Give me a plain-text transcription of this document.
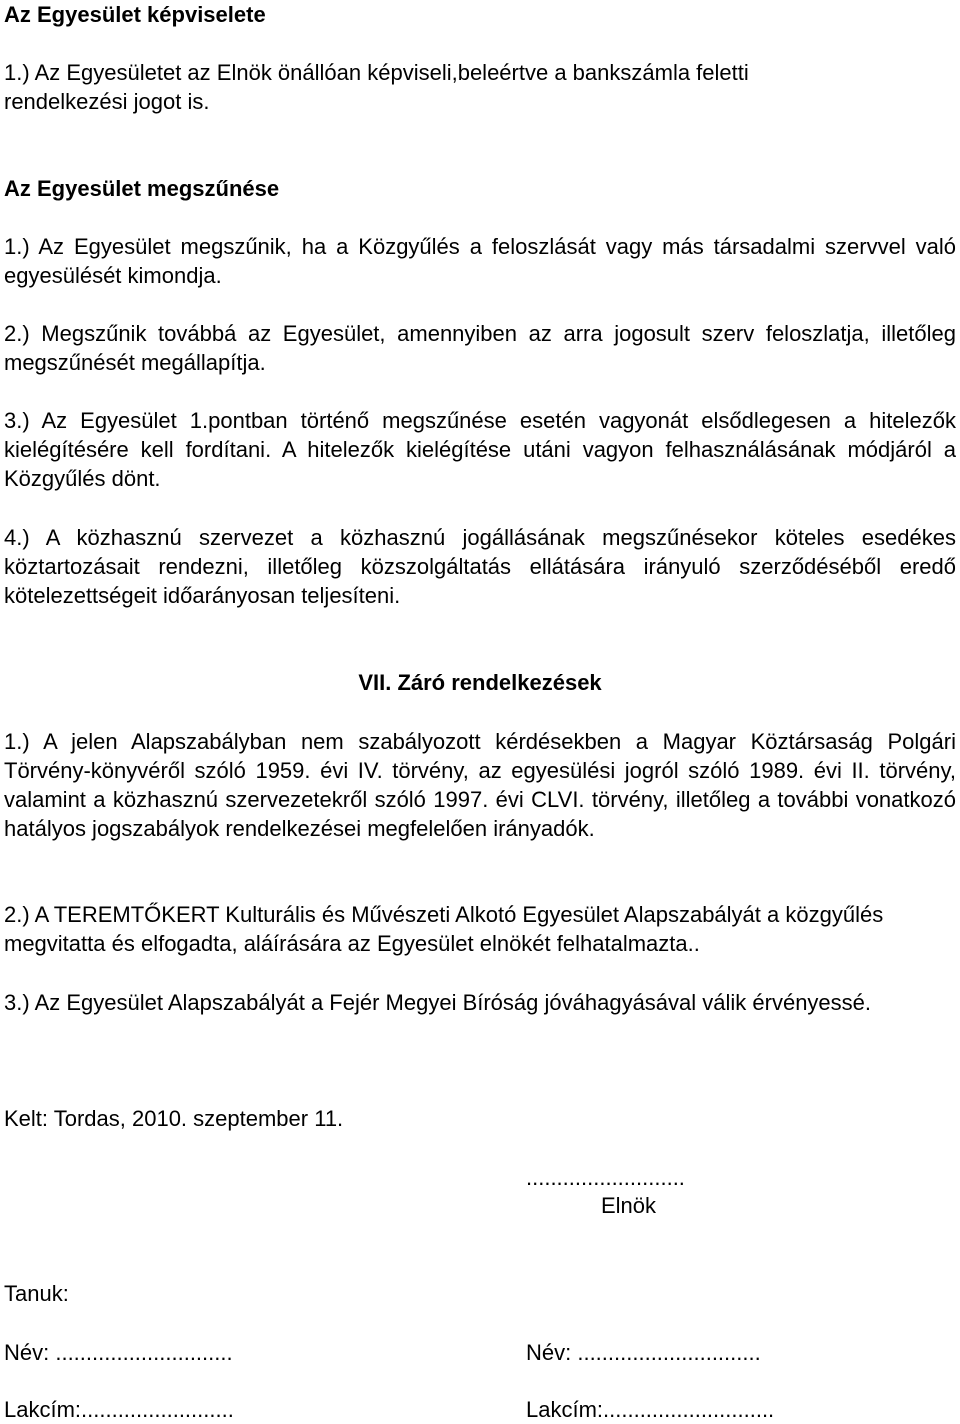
Az Egyesület képviselete

1.) Az Egyesületet az Elnök önállóan képviseli,beleértve a bankszámla feletti rendelkezési jogot is.

Az Egyesület megszűnése

1.) Az Egyesület megszűnik, ha a Közgyűlés a feloszlását vagy más társadalmi szervvel való egyesülését kimondja.

2.) Megszűnik továbbá az Egyesület, amennyiben az arra jogosult szerv feloszlatja, illetőleg megszűnését megállapítja.

3.) Az Egyesület 1.pontban történő megszűnése esetén vagyonát elsődlegesen a hitelezők kielégítésére kell fordítani. A hitelezők kielégítése utáni vagyon felhasználásának módjáról a Közgyűlés dönt.

4.) A közhasznú szervezet a közhasznú jogállásának megszűnésekor köteles esedékes köztartozásait rendezni, illetőleg közszolgáltatás ellátására irányuló szerződéséből eredő kötelezettségeit időarányosan teljesíteni.

VII. Záró rendelkezések

1.) A jelen Alapszabályban nem szabályozott kérdésekben a Magyar Köztársaság Polgári Törvény-könyvéről szóló 1959. évi IV. törvény, az egyesülési jogról szóló 1989. évi II. törvény, valamint a közhasznú szervezetekről szóló 1997. évi CLVI. törvény, illetőleg a további vonatkozó hatályos jogszabályok rendelkezései megfelelően irányadók.

2.) A TEREMTŐKERT Kulturális és Művészeti Alkotó Egyesület Alapszabályát a közgyűlés megvitatta és elfogadta, aláírására az Egyesület elnökét felhatalmazta..

3.) Az Egyesület Alapszabályát a Fejér Megyei Bíróság jóváhagyásával válik érvényessé.

Kelt: Tordas, 2010. szeptember 11.

..........................
Elnök

Tanuk:

Név: .............................	Név: ..............................
Lakcím:.........................	Lakcím:............................
